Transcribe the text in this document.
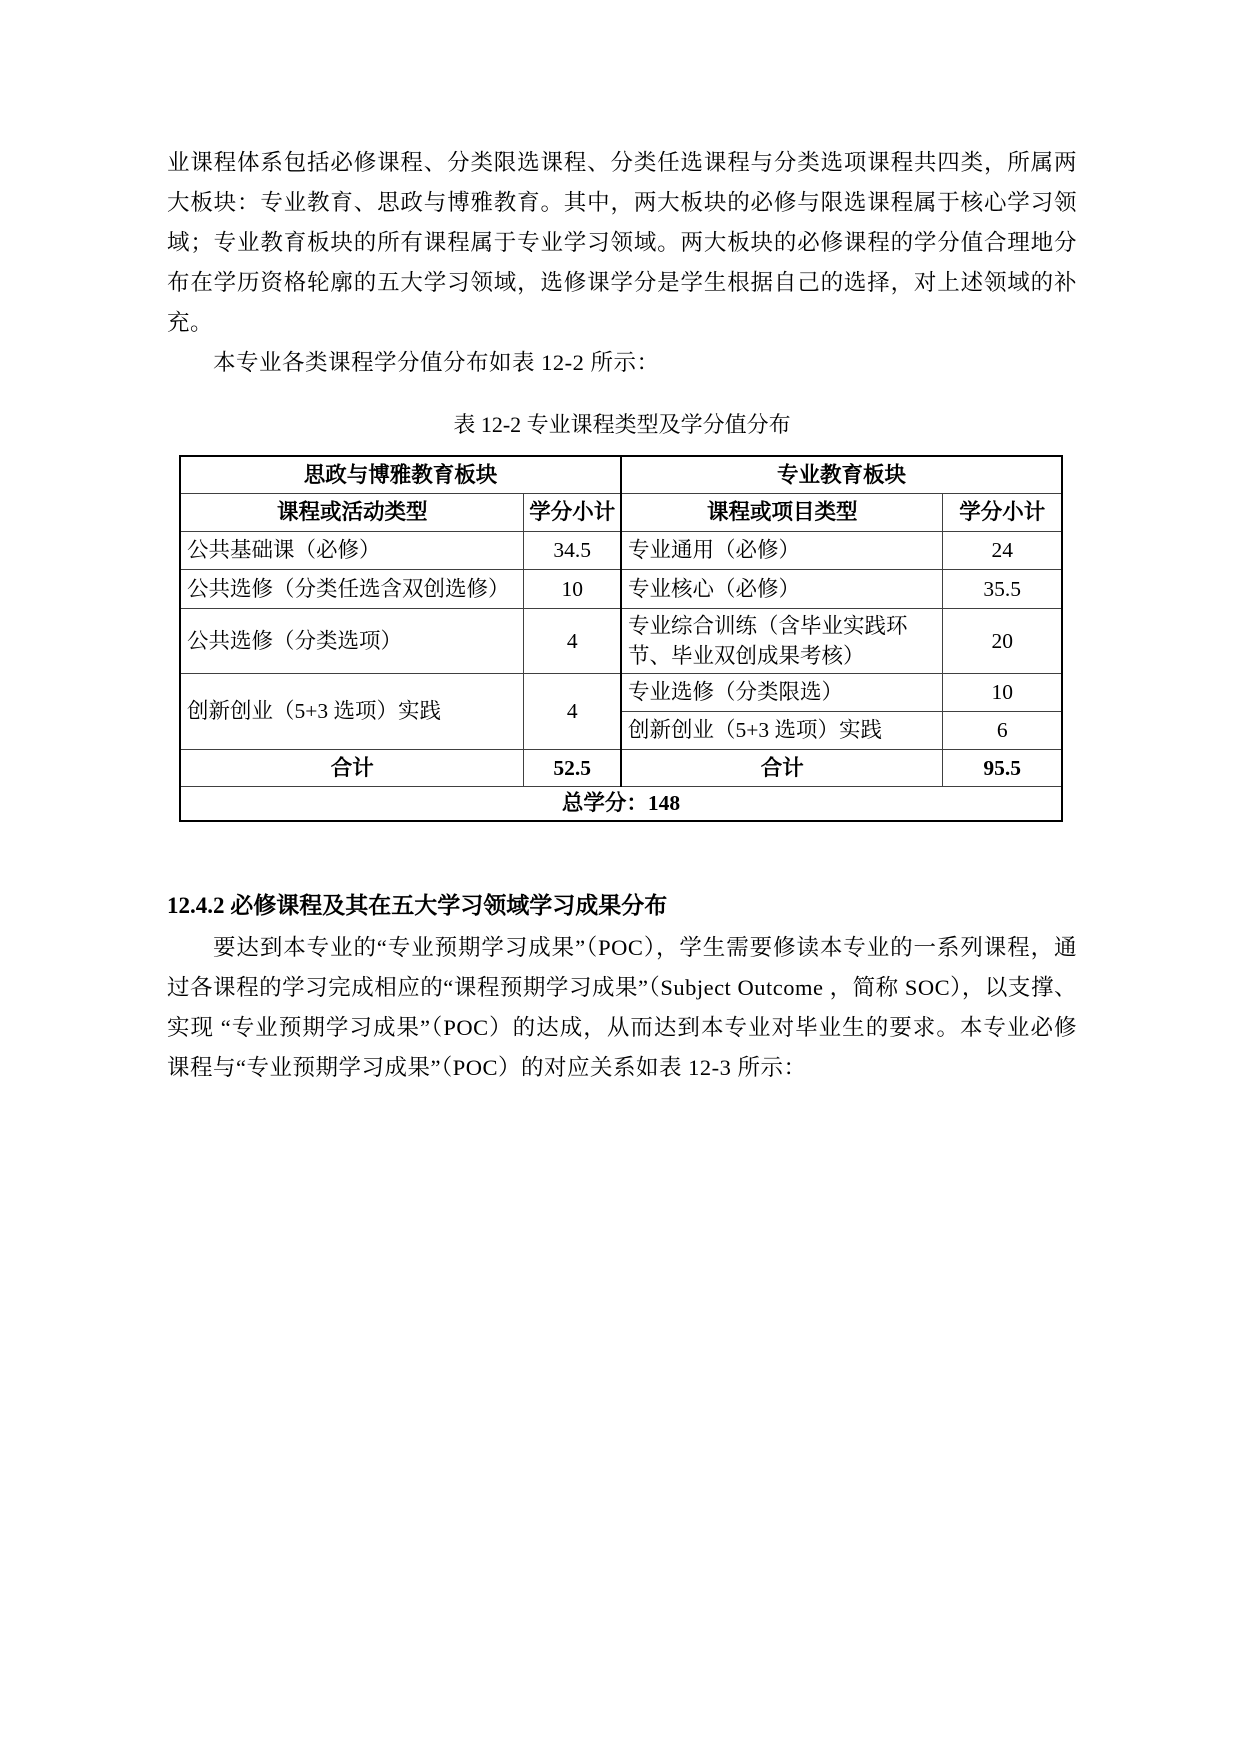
业课程体系包括必修课程、分类限选课程、分类任选课程与分类选项课程共四类，所属两大板块：专业教育、思政与博雅教育。其中，两大板块的必修与限选课程属于核心学习领域；专业教育板块的所有课程属于专业学习领域。两大板块的必修课程的学分值合理地分布在学历资格轮廓的五大学习领域，选修课学分是学生根据自己的选择，对上述领域的补充。

本专业各类课程学分值分布如表 12-2 所示：

表 12-2 专业课程类型及学分值分布

思政与博雅教育板块		专业教育板块	
课程或活动类型	学分小计	课程或项目类型	学分小计
公共基础课（必修）	34.5	专业通用（必修）	24
公共选修（分类任选含双创选修）	10	专业核心（必修）	35.5
公共选修（分类选项）	4	专业综合训练（含毕业实践环节、毕业双创成果考核）	20
创新创业（5+3 选项）实践	4	专业选修（分类限选）	10
		创新创业（5+3 选项）实践	6
合计	52.5	合计	95.5
总学分：148			

12.4.2 必修课程及其在五大学习领域学习成果分布

要达到本专业的“专业预期学习成果”（POC），学生需要修读本专业的一系列课程，通过各课程的学习完成相应的“课程预期学习成果”（Subject Outcome ，简称 SOC），以支撑、实现 “专业预期学习成果”（POC）的达成，从而达到本专业对毕业生的要求。本专业必修课程与“专业预期学习成果”（POC）的对应关系如表 12-3 所示：
